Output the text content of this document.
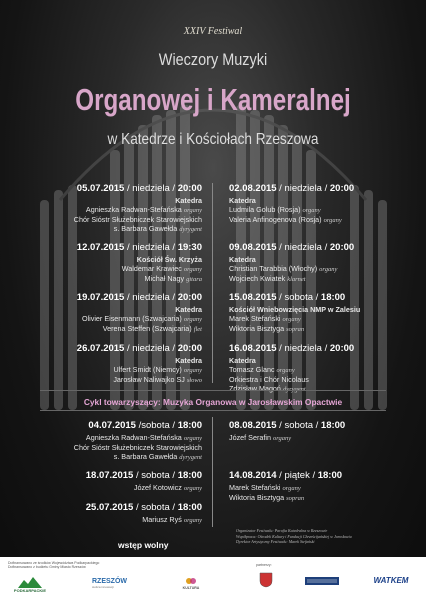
XXIV Festiwal
Wieczory Muzyki
Organowej i Kameralnej
w Katedrze i Kościołach Rzeszowa
05.07.2015 / niedziela / 20:00
Katedra
Agnieszka Radwan-Stefańska organy
Chór Sióstr Służebniczek Starowiejskich
s. Barbara Gawełda dyrygent
12.07.2015 / niedziela / 19:30
Kościół Św. Krzyża
Waldemar Krawiec organy
Michał Nagy gitara
19.07.2015 / niedziela / 20:00
Katedra
Olivier Eisenmann (Szwajcaria) organy
Verena Steffen (Szwajcaria) flet
26.07.2015 / niedziela / 20:00
Katedra
Ulfert Smidt (Niemcy) organy
Jarosław Naliwajko SJ słowo
02.08.2015 / niedziela / 20:00
Katedra
Ludmila Golub (Rosja) organy
Valeria Anfinogenova (Rosja) organy
09.08.2015 / niedziela / 20:00
Katedra
Christian Tarabbia (Włochy) organy
Wojciech Kwiatek klarnet
15.08.2015 / sobota / 18:00
Kościół Wniebowzięcia NMP w Zalesiu
Marek Stefański organy
Wiktoria Bisztyga sopran
16.08.2015 / niedziela / 20:00
Katedra
Tomasz Glanc organy
Orkiestra i Chór Nicolaus
Zdzisław Magoń dyrygent
Cykl towarzyszący: Muzyka Organowa w Jarosławskim Opactwie
04.07.2015 /sobota / 18:00
Agnieszka Radwan-Stefańska organy
Chór Sióstr Służebniczek Starowiejskich
s. Barbara Gawełda dyrygent
18.07.2015 / sobota / 18:00
Józef Kotowicz organy
25.07.2015 / sobota / 18:00
Mariusz Ryś organy
08.08.2015 / sobota / 18:00
Józef Serafin organy
14.08.2014 / piątek / 18:00
Marek Stefański organy
Wiktoria Bisztyga sopran
wstęp wolny
Organizator Festiwalu: Parafia Katedralna w Rzeszowie
Współpraca: Ośrodek Kultury i Fundacji Chrześcijańskiej w Jarosławiu
Dyrektor Artystyczny Festiwalu: Marek Stefański
Dofinansowano ze środków Województwa Podkarpackiego
Dofinansowano z budżetu Gminy Miasto Rzeszów	partnerzy:
PODKARPACKIE
RZESZÓW
stolica innowacji	KULTURA
WATKEM
